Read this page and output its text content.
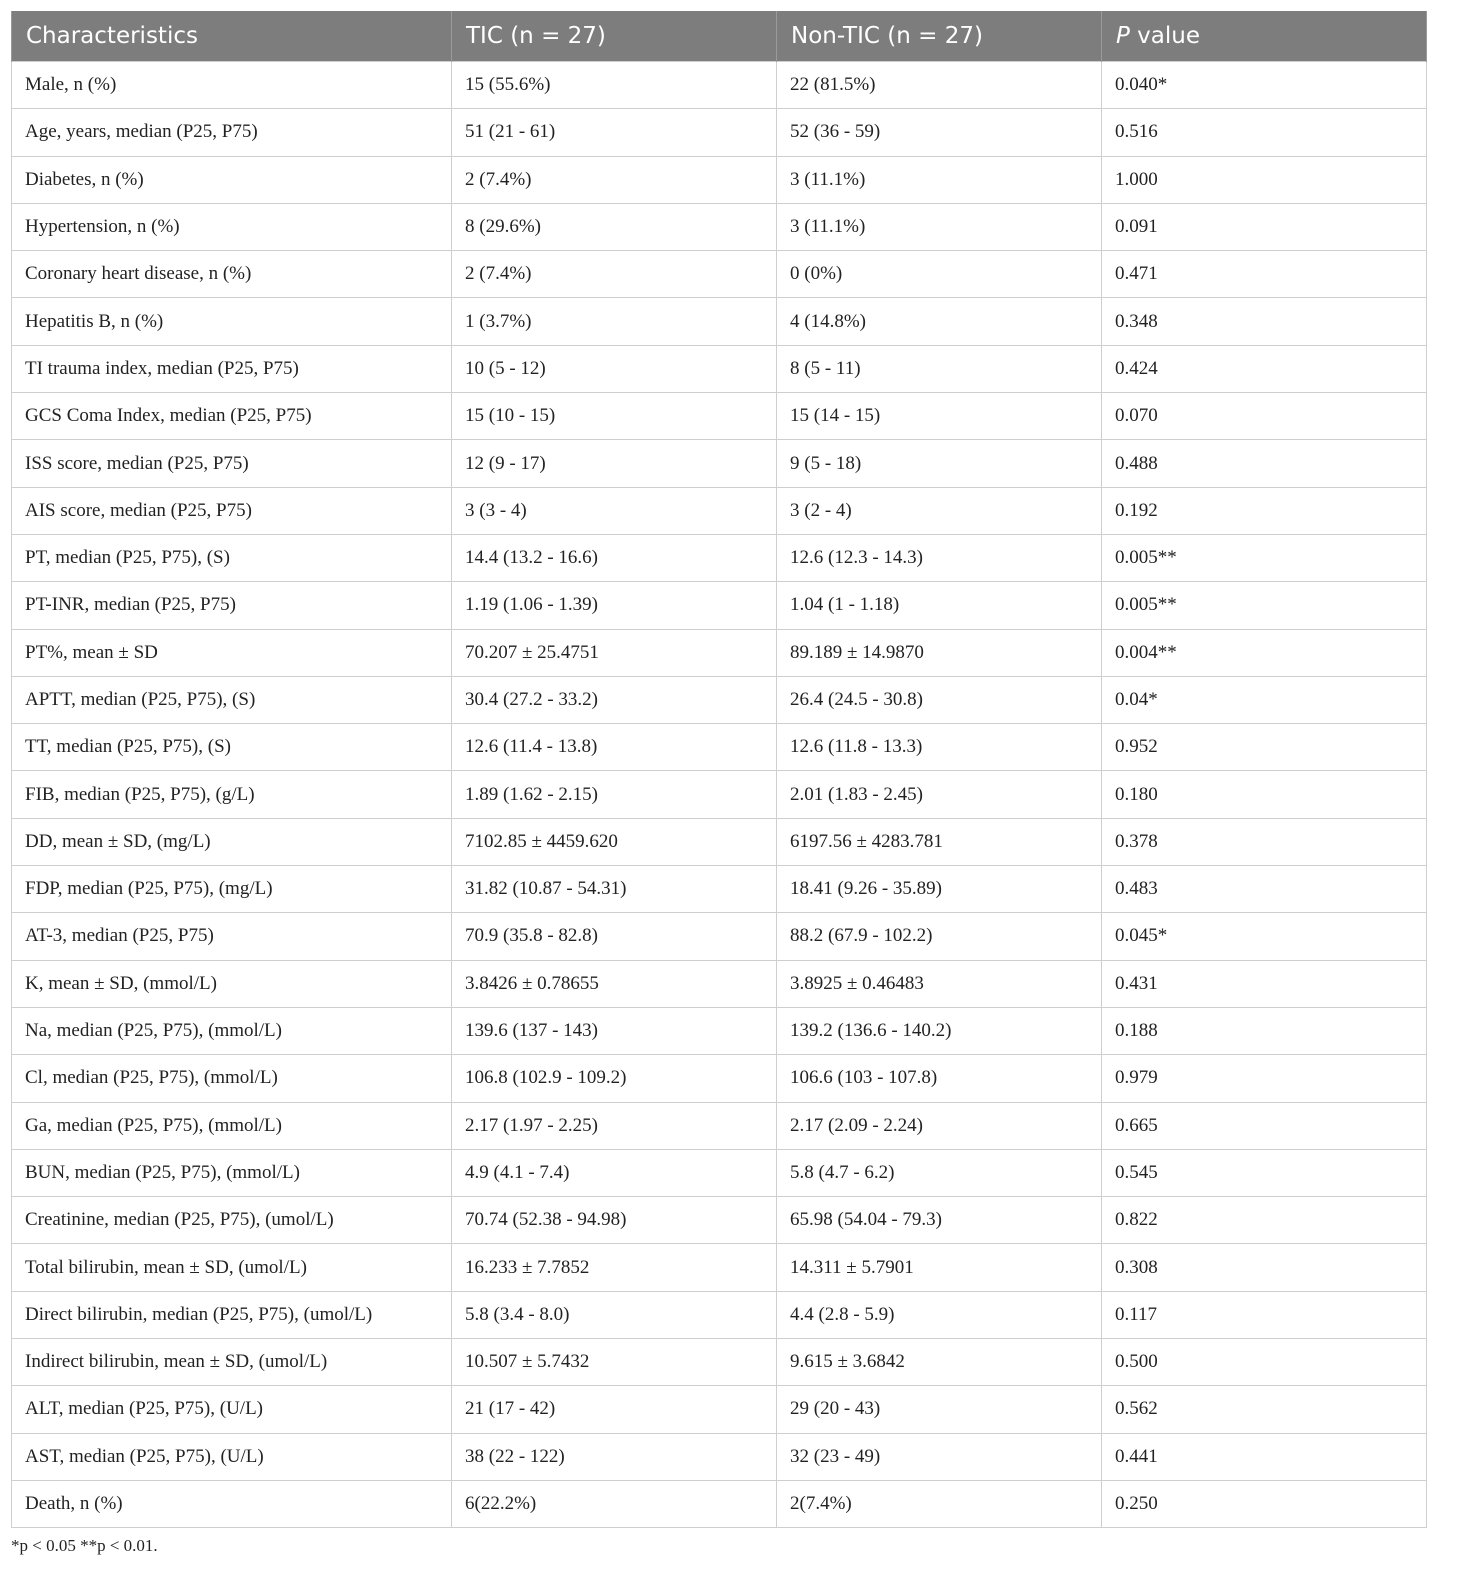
Characteristics	TIC (n = 27)	Non-TIC (n = 27)	P value
Male, n (%)	15 (55.6%)	22 (81.5%)	0.040*
Age, years, median (P25, P75)	51 (21 - 61)	52 (36 - 59)	0.516
Diabetes, n (%)	2 (7.4%)	3 (11.1%)	1.000
Hypertension, n (%)	8 (29.6%)	3 (11.1%)	0.091
Coronary heart disease, n (%)	2 (7.4%)	0 (0%)	0.471
Hepatitis B, n (%)	1 (3.7%)	4 (14.8%)	0.348
TI trauma index, median (P25, P75)	10 (5 - 12)	8 (5 - 11)	0.424
GCS Coma Index, median (P25, P75)	15 (10 - 15)	15 (14 - 15)	0.070
ISS score, median (P25, P75)	12 (9 - 17)	9 (5 - 18)	0.488
AIS score, median (P25, P75)	3 (3 - 4)	3 (2 - 4)	0.192
PT, median (P25, P75), (S)	14.4 (13.2 - 16.6)	12.6 (12.3 - 14.3)	0.005**
PT-INR, median (P25, P75)	1.19 (1.06 - 1.39)	1.04 (1 - 1.18)	0.005**
PT%, mean ± SD	70.207 ± 25.4751	89.189 ± 14.9870	0.004**
APTT, median (P25, P75), (S)	30.4 (27.2 - 33.2)	26.4 (24.5 - 30.8)	0.04*
TT, median (P25, P75), (S)	12.6 (11.4 - 13.8)	12.6 (11.8 - 13.3)	0.952
FIB, median (P25, P75), (g/L)	1.89 (1.62 - 2.15)	2.01 (1.83 - 2.45)	0.180
DD, mean ± SD, (mg/L)	7102.85 ± 4459.620	6197.56 ± 4283.781	0.378
FDP, median (P25, P75), (mg/L)	31.82 (10.87 - 54.31)	18.41 (9.26 - 35.89)	0.483
AT-3, median (P25, P75)	70.9 (35.8 - 82.8)	88.2 (67.9 - 102.2)	0.045*
K, mean ± SD, (mmol/L)	3.8426 ± 0.78655	3.8925 ± 0.46483	0.431
Na, median (P25, P75), (mmol/L)	139.6 (137 - 143)	139.2 (136.6 - 140.2)	0.188
Cl, median (P25, P75), (mmol/L)	106.8 (102.9 - 109.2)	106.6 (103 - 107.8)	0.979
Ga, median (P25, P75), (mmol/L)	2.17 (1.97 - 2.25)	2.17 (2.09 - 2.24)	0.665
BUN, median (P25, P75), (mmol/L)	4.9 (4.1 - 7.4)	5.8 (4.7 - 6.2)	0.545
Creatinine, median (P25, P75), (umol/L)	70.74 (52.38 - 94.98)	65.98 (54.04 - 79.3)	0.822
Total bilirubin, mean ± SD, (umol/L)	16.233 ± 7.7852	14.311 ± 5.7901	0.308
Direct bilirubin, median (P25, P75), (umol/L)	5.8 (3.4 - 8.0)	4.4 (2.8 - 5.9)	0.117
Indirect bilirubin, mean ± SD, (umol/L)	10.507 ± 5.7432	9.615 ± 3.6842	0.500
ALT, median (P25, P75), (U/L)	21 (17 - 42)	29 (20 - 43)	0.562
AST, median (P25, P75), (U/L)	38 (22 - 122)	32 (23 - 49)	0.441
Death, n (%)	6(22.2%)	2(7.4%)	0.250
*p < 0.05 **p < 0.01.
